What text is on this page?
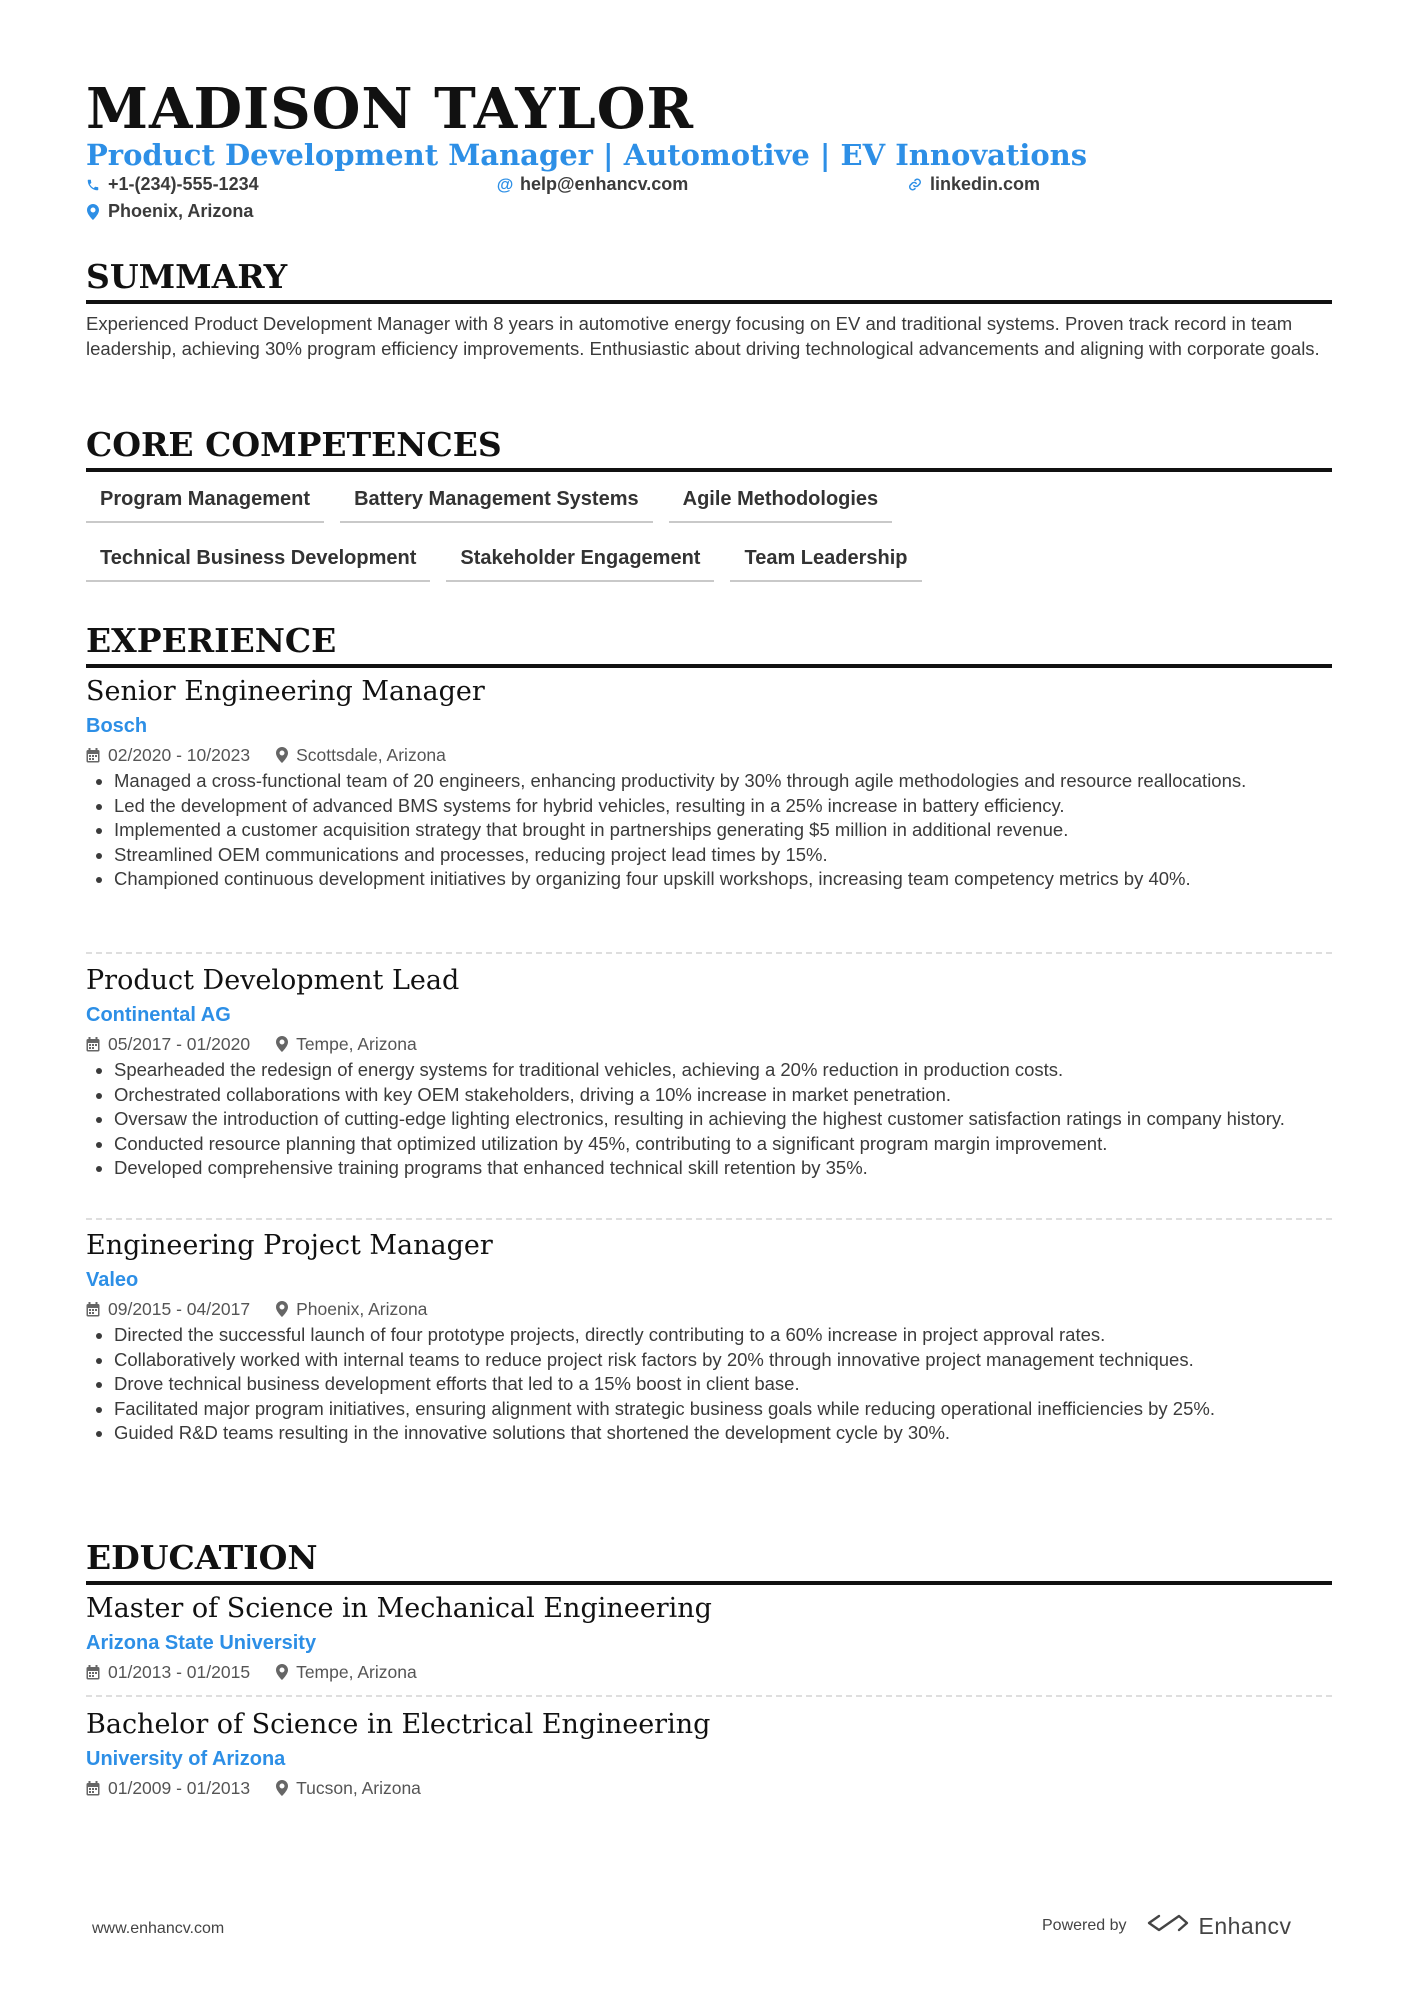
MADISON TAYLOR
Product Development Manager | Automotive | EV Innovations
+1-(234)-555-1234	@ help@enhancv.com	linkedin.com
Phoenix, Arizona
SUMMARY
Experienced Product Development Manager with 8 years in automotive energy focusing on EV and traditional systems. Proven track record in team leadership, achieving 30% program efficiency improvements. Enthusiastic about driving technological advancements and aligning with corporate goals.
CORE COMPETENCES
Program Management	Battery Management Systems	Agile Methodologies
Technical Business Development	Stakeholder Engagement	Team Leadership
EXPERIENCE
Senior Engineering Manager
Bosch
02/2020 - 10/2023	Scottsdale, Arizona
• Managed a cross-functional team of 20 engineers, enhancing productivity by 30% through agile methodologies and resource reallocations.
• Led the development of advanced BMS systems for hybrid vehicles, resulting in a 25% increase in battery efficiency.
• Implemented a customer acquisition strategy that brought in partnerships generating $5 million in additional revenue.
• Streamlined OEM communications and processes, reducing project lead times by 15%.
• Championed continuous development initiatives by organizing four upskill workshops, increasing team competency metrics by 40%.
Product Development Lead
Continental AG
05/2017 - 01/2020	Tempe, Arizona
• Spearheaded the redesign of energy systems for traditional vehicles, achieving a 20% reduction in production costs.
• Orchestrated collaborations with key OEM stakeholders, driving a 10% increase in market penetration.
• Oversaw the introduction of cutting-edge lighting electronics, resulting in achieving the highest customer satisfaction ratings in company history.
• Conducted resource planning that optimized utilization by 45%, contributing to a significant program margin improvement.
• Developed comprehensive training programs that enhanced technical skill retention by 35%.
Engineering Project Manager
Valeo
09/2015 - 04/2017	Phoenix, Arizona
• Directed the successful launch of four prototype projects, directly contributing to a 60% increase in project approval rates.
• Collaboratively worked with internal teams to reduce project risk factors by 20% through innovative project management techniques.
• Drove technical business development efforts that led to a 15% boost in client base.
• Facilitated major program initiatives, ensuring alignment with strategic business goals while reducing operational inefficiencies by 25%.
• Guided R&D teams resulting in the innovative solutions that shortened the development cycle by 30%.
EDUCATION
Master of Science in Mechanical Engineering
Arizona State University
01/2013 - 01/2015	Tempe, Arizona
Bachelor of Science in Electrical Engineering
University of Arizona
01/2009 - 01/2013	Tucson, Arizona
www.enhancv.com	Powered by	Enhancv
